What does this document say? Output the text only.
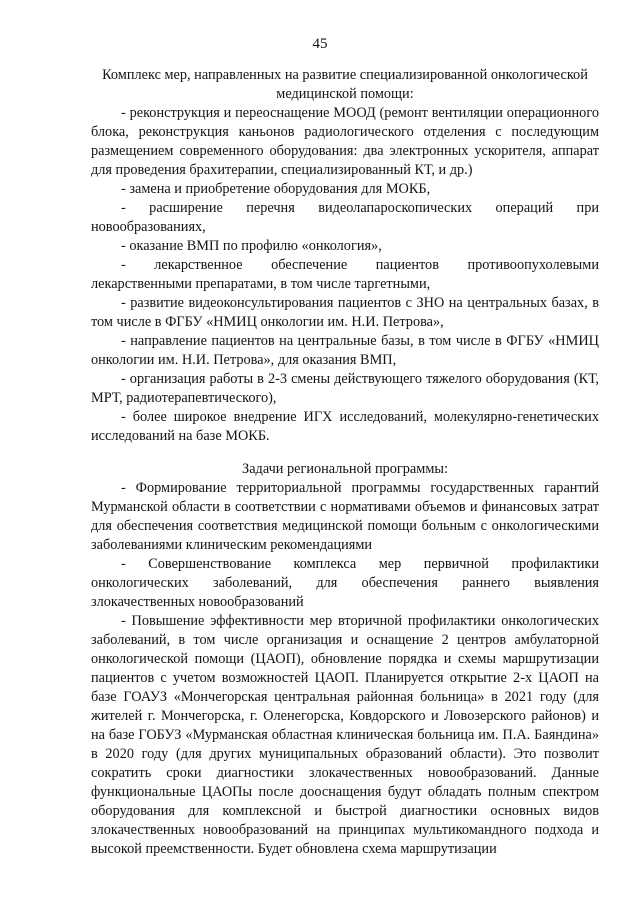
45
Комплекс мер, направленных на развитие специализированной онкологической медицинской помощи:

- реконструкция и переоснащение МООД (ремонт вентиляции операционного блока, реконструкция каньонов радиологического отделения с последующим размещением современного оборудования: два электронных ускорителя, аппарат для проведения брахитерапии, специализированный КТ, и др.)

- замена и приобретение оборудования для МОКБ,

- расширение перечня видеолапароскопических операций при новообразованиях,

- оказание ВМП по профилю «онкология»,

- лекарственное обеспечение пациентов противоопухолевыми лекарственными препаратами, в том числе таргетными,

- развитие видеоконсультирования пациентов с ЗНО на центральных базах, в том числе в ФГБУ «НМИЦ онкологии им. Н.И. Петрова»,

- направление пациентов на центральные базы, в том числе в ФГБУ «НМИЦ онкологии им. Н.И. Петрова», для оказания ВМП,

- организация работы в 2-3 смены действующего тяжелого оборудования (КТ, МРТ, радиотерапевтического),

- более широкое внедрение ИГХ исследований, молекулярно-генетических исследований на базе МОКБ.

Задачи региональной программы:

- Формирование территориальной программы государственных гарантий Мурманской области в соответствии с нормативами объемов и финансовых затрат для обеспечения соответствия медицинской помощи больным с онкологическими заболеваниями клиническим рекомендациями

- Совершенствование комплекса мер первичной профилактики онкологических заболеваний, для обеспечения раннего выявления злокачественных новообразований

- Повышение эффективности мер вторичной профилактики онкологических заболеваний, в том числе организация и оснащение 2 центров амбулаторной онкологической помощи (ЦАОП), обновление порядка и схемы маршрутизации пациентов с учетом возможностей ЦАОП. Планируется открытие 2-х ЦАОП на базе ГОАУЗ «Мончегорская центральная районная больница» в 2021 году (для жителей г. Мончегорска, г. Оленегорска, Ковдорского и Ловозерского районов) и на базе ГОБУЗ «Мурманская областная клиническая больница им. П.А. Баяндина» в 2020 году (для других муниципальных образований области). Это позволит сократить сроки диагностики злокачественных новообразований. Данные функциональные ЦАОПы после дооснащения будут обладать полным спектром оборудования для комплексной и быстрой диагностики основных видов злокачественных новообразований на принципах мультикомандного подхода и высокой преемственности. Будет обновлена схема маршрутизации
